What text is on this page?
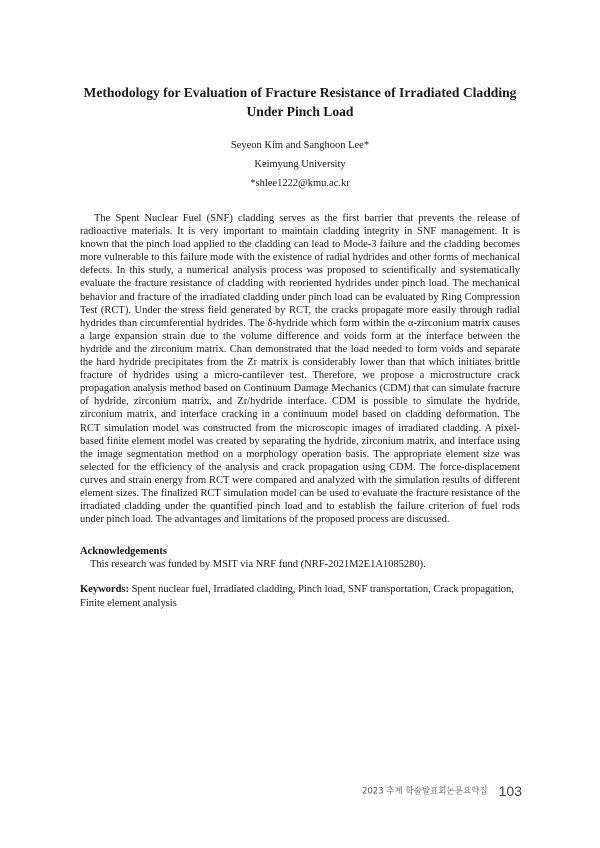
Methodology for Evaluation of Fracture Resistance of Irradiated Cladding
Under Pinch Load

Seyeon Kim and Sanghoon Lee*

Keimyung University

*shlee1222@kmu.ac.kr

The Spent Nuclear Fuel (SNF) cladding serves as the first barrier that prevents the release of radioactive materials. It is very important to maintain cladding integrity in SNF management. It is known that the pinch load applied to the cladding can lead to Mode-3 failure and the cladding becomes more vulnerable to this failure mode with the existence of radial hydrides and other forms of mechanical defects. In this study, a numerical analysis process was proposed to scientifically and systematically evaluate the fracture resistance of cladding with reoriented hydrides under pinch load. The mechanical behavior and fracture of the irradiated cladding under pinch load can be evaluated by Ring Compression Test (RCT). Under the stress field generated by RCT, the cracks propagate more easily through radial hydrides than circumferential hydrides. The δ-hydride which form within the α-zirconium matrix causes a large expansion strain due to the volume difference and voids form at the interface between the hydride and the zirconium matrix. Chan demonstrated that the load needed to form voids and separate the hard hydride precipitates from the Zr matrix is considerably lower than that which initiates brittle fracture of hydrides using a micro-cantilever test. Therefore, we propose a microstructure crack propagation analysis method based on Continuum Damage Mechanics (CDM) that can simulate fracture of hydride, zirconium matrix, and Zr/hydride interface. CDM is possible to simulate the hydride, zirconium matrix, and interface cracking in a continuum model based on cladding deformation. The RCT simulation model was constructed from the microscopic images of irradiated cladding. A pixel-based finite element model was created by separating the hydride, zirconium matrix, and interface using the image segmentation method on a morphology operation basis. The appropriate element size was selected for the efficiency of the analysis and crack propagation using CDM. The force-displacement curves and strain energy from RCT were compared and analyzed with the simulation results of different element sizes. The finalized RCT simulation model can be used to evaluate the fracture resistance of the irradiated cladding under the quantified pinch load and to establish the failure criterion of fuel rods under pinch load. The advantages and limitations of the proposed process are discussed.

Acknowledgements

This research was funded by MSIT via NRF fund (NRF-2021M2E1A1085280).

Keywords: Spent nuclear fuel, Irradiated cladding, Pinch load, SNF transportation, Crack propagation, Finite element analysis

2023 추계 학술발표회논문요약집 103
